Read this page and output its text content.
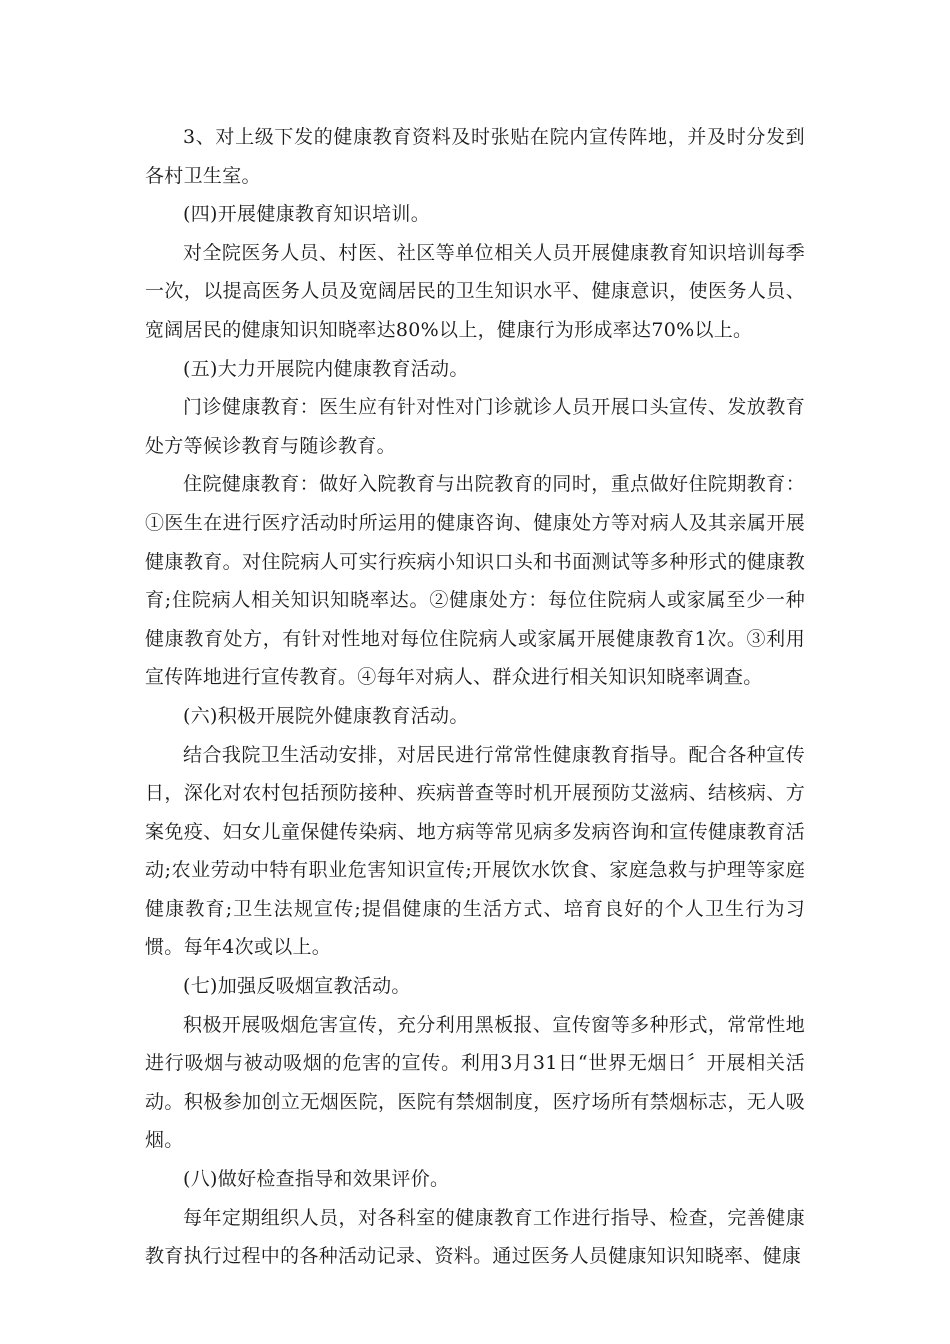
3、对上级下发的健康教育资料及时张贴在院内宣传阵地，并及时分发到各村卫生室。

(四)开展健康教育知识培训。

对全院医务人员、村医、社区等单位相关人员开展健康教育知识培训每季一次，以提高医务人员及宽阔居民的卫生知识水平、健康意识，使医务人员、宽阔居民的健康知识知晓率达80%以上，健康行为形成率达70%以上。

(五)大力开展院内健康教育活动。

门诊健康教育：医生应有针对性对门诊就诊人员开展口头宣传、发放教育处方等候诊教育与随诊教育。

住院健康教育：做好入院教育与出院教育的同时，重点做好住院期教育：①医生在进行医疗活动时所运用的健康咨询、健康处方等对病人及其亲属开展健康教育。对住院病人可实行疾病小知识口头和书面测试等多种形式的健康教育;住院病人相关知识知晓率达。②健康处方：每位住院病人或家属至少一种健康教育处方，有针对性地对每位住院病人或家属开展健康教育1次。③利用宣传阵地进行宣传教育。④每年对病人、群众进行相关知识知晓率调查。

(六)积极开展院外健康教育活动。

结合我院卫生活动安排，对居民进行常常性健康教育指导。配合各种宣传日，深化对农村包括预防接种、疾病普查等时机开展预防艾滋病、结核病、方案免疫、妇女儿童保健传染病、地方病等常见病多发病咨询和宣传健康教育活动;农业劳动中特有职业危害知识宣传;开展饮水饮食、家庭急救与护理等家庭健康教育;卫生法规宣传;提倡健康的生活方式、培育良好的个人卫生行为习惯。每年4次或以上。

(七)加强反吸烟宣教活动。

积极开展吸烟危害宣传，充分利用黑板报、宣传窗等多种形式，常常性地进行吸烟与被动吸烟的危害的宣传。利用3月31日“世界无烟日〞开展相关活动。积极参加创立无烟医院，医院有禁烟制度，医疗场所有禁烟标志，无人吸烟。

(八)做好检查指导和效果评价。

每年定期组织人员，对各科室的健康教育工作进行指导、检查，完善健康教育执行过程中的各种活动记录、资料。通过医务人员健康知识知晓率、健康
